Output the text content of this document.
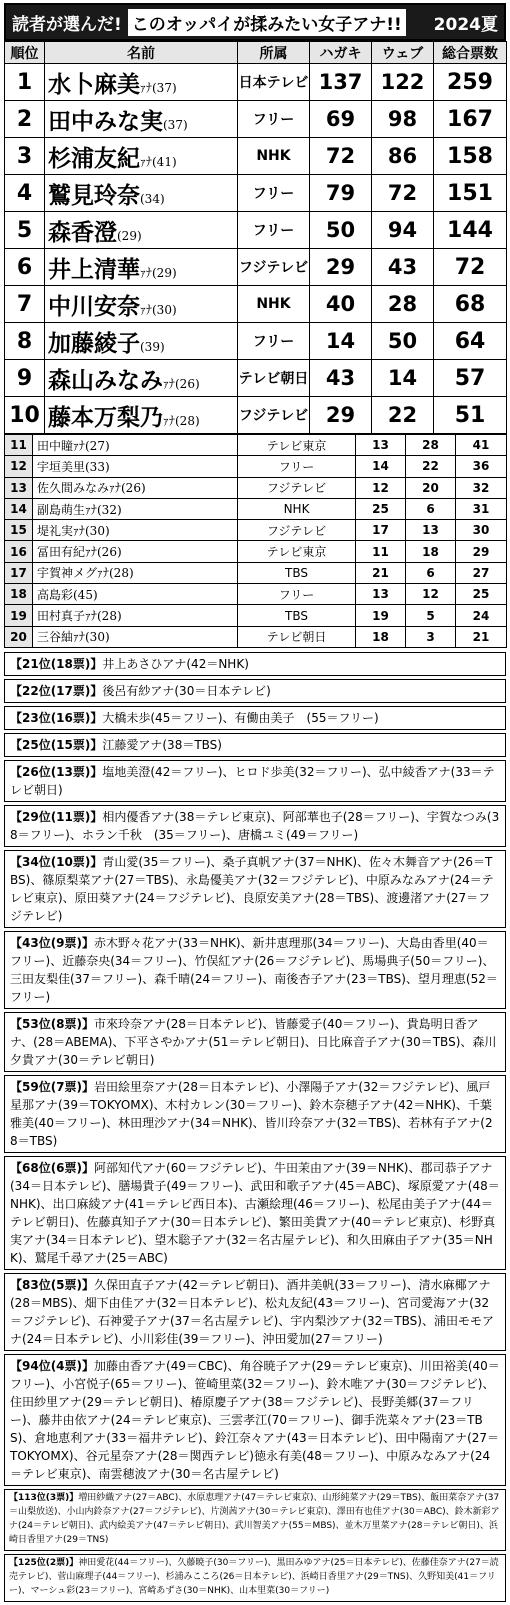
読者が選んだ! このオッパイが揉みたい女子アナ!! 2024夏
順位	名前	所属	ハガキ	ウェブ	総合票数
1	水卜麻美ｧﾅ(37)	日本テレビ	137	122	259
2	田中みな実(37)	フリー	69	98	167
3	杉浦友紀ｧﾅ(41)	NHK	72	86	158
4	鷲見玲奈(34)	フリー	79	72	151
5	森香澄(29)	フリー	50	94	144
6	井上清華ｧﾅ(29)	フジテレビ	29	43	72
7	中川安奈ｧﾅ(30)	NHK	40	28	68
8	加藤綾子(39)	フリー	14	50	64
9	森山みなみｧﾅ(26)	テレビ朝日	43	14	57
10	藤本万梨乃ｧﾅ(28)	フジテレビ	29	22	51
11	田中瞳ｧﾅ(27)	テレビ東京	13	28	41
12	宇垣美里(33)	フリー	14	22	36
13	佐久間みなみｧﾅ(26)	フジテレビ	12	20	32
14	副島萌生ｧﾅ(32)	NHK	25	6	31
15	堤礼実ｧﾅ(30)	フジテレビ	17	13	30
16	冨田有紀ｧﾅ(26)	テレビ東京	11	18	29
17	宇賀神メグｧﾅ(28)	TBS	21	6	27
18	高島彩(45)	フリー	13	12	25
19	田村真子ｧﾅ(28)	TBS	19	5	24
20	三谷紬ｧﾅ(30)	テレビ朝日	18	3	21
【21位(18票)】井上あさひアナ(42＝NHK)
【22位(17票)】後呂有紗アナ(30＝日本テレビ)
【23位(16票)】大橋未歩(45＝フリー)、有働由美子　(55＝フリー)
【25位(15票)】江藤愛アナ(38＝TBS)
【26位(13票)】塩地美澄(42＝フリー)、ヒロド歩美(32＝フリー)、弘中綾香アナ(33＝テレビ朝日)
【29位(11票)】相内優香アナ(38＝テレビ東京)、阿部華也子(28＝フリー)、宇賀なつみ(38＝フリー)、ホラン千秋　(35＝フリー)、唐橋ユミ(49＝フリー)
【34位(10票)】青山愛(35＝フリー)、桑子真帆アナ(37＝NHK)、佐々木舞音アナ(26＝TBS)、篠原梨菜アナ(27＝TBS)、永島優美アナ(32＝フジテレビ)、中原みなみアナ(24＝テレビ東京)、原田葵アナ(24＝フジテレビ)、良原安美アナ(28＝TBS)、渡邊渚アナ(27＝フジテレビ)
【43位(9票)】赤木野々花アナ(33＝NHK)、新井恵理那(34＝フリー)、大島由香里(40＝フリー)、近藤奈央(34＝フリー)、竹俣紅アナ(26＝フジテレビ)、馬場典子(50＝フリー)、三田友梨佳(37＝フリー)、森千晴(24＝フリー)、南後杏子アナ(23＝TBS)、望月理恵(52＝フリー)
【53位(8票)】市來玲奈アナ(28＝日本テレビ)、皆藤愛子(40＝フリー)、貴島明日香アナ、(28＝ABEMA)、下平さやかアナ(51＝テレビ朝日)、日比麻音子アナ(30＝TBS)、森川夕貴アナ(30＝テレビ朝日)
【59位(7票)】岩田絵里奈アナ(28＝日本テレビ)、小澤陽子アナ(32＝フジテレビ)、風戸星那アナ(39＝TOKYOMX)、木村カレン(30＝フリー)、鈴木奈穂子アナ(42＝NHK)、千葉雅美(40＝フリー)、林田理沙アナ(34＝NHK)、皆川玲奈アナ(32＝TBS)、若林有子アナ(28＝TBS)
【68位(6票)】阿部知代アナ(60＝フジテレビ)、牛田茉由アナ(39＝NHK)、郡司恭子アナ(34＝日本テレビ)、膳場貴子(49＝フリー)、武田和歌子アナ(45＝ABC)、塚原愛アナ(48＝NHK)、出口麻綾アナ(41＝テレビ西日本)、古瀬絵理(46＝フリー)、松尾由美子アナ(44＝テレビ朝日)、佐藤真知子アナ(30＝日本テレビ)、繁田美貴アナ(40＝テレビ東京)、杉野真実アナ(34＝日本テレビ)、望木聡子アナ(32＝名古屋テレビ)、和久田麻由子アナ(35＝NHK)、鷲尾千尋アナ(25＝ABC)
【83位(5票)】久保田直子アナ(42＝テレビ朝日)、酒井美帆(33＝フリー)、清水麻椰アナ(28＝MBS)、畑下由佳アナ(32＝日本テレビ)、松丸友紀(43＝フリー)、宮司愛海アナ(32＝フジテレビ)、石神愛子アナ(37＝名古屋テレビ)、宇内梨沙アナ(32＝TBS)、浦田モモアナ(24＝日本テレビ)、小川彩佳(39＝フリー)、沖田愛加(27＝フリー)
【94位(4票)】加藤由香アナ(49＝CBC)、角谷暁子アナ(29＝テレビ東京)、川田裕美(40＝フリー)、小宮悦子(65＝フリー)、笹崎里菜(32＝フリー)、鈴木唯アナ(30＝フジテレビ)、住田紗里アナ(29＝テレビ朝日)、椿原慶子アナ(38＝フジテレビ)、長野美郷(37＝フリー)、藤井由依アナ(24＝テレビ東京)、三雲孝江(70＝フリー)、御手洗菜々アナ(23＝TBS)、倉地恵利アナ(33＝福井テレビ)、鈴江奈々アナ(43＝日本テレビ)、田中陽南アナ(27＝TOKYOMX)、谷元星奈アナ(28＝関西テレビ)徳永有美(48＝フリー)、中原みなみアナ(24＝テレビ東京)、南雲穂波アナ(30＝名古屋テレビ)
【113位(3票)】増田紗織アナ(27＝ABC)、水原恵理アナ(47＝テレビ東京)、山形純菜アナ(29＝TBS)、飯田菜奈アナ(37＝山梨放送)、小山内鈴奈アナ(27＝フジテレビ)、片渕茜アナ(30＝テレビ東京)、澤田有也佳アナ(30＝ABC)、鈴木新彩アナ(24＝テレビ朝日)、武内絵美アナ(47＝テレビ朝日)、武川智美アナ(55＝MBS)、並木万里菜アナ(28＝テレビ朝日)、浜崎日香里アナ(29＝TNS)
【125位(2票)】神田愛花(44＝フリー)、久藤暁子(30＝フリー)、黒田みゆアナ(25＝日本テレビ)、佐藤佳奈アナ(27＝読売テレビ)、菅山麻理子(44＝フリー)、杉浦みこころ(26＝日本テレビ)、浜崎日香里アナ(29＝TNS)、久野知美(41＝フリー)、マーシュ彩(23＝フリー)、宮崎あずさ(30＝NHK)、山本里菜(30＝フリー)
